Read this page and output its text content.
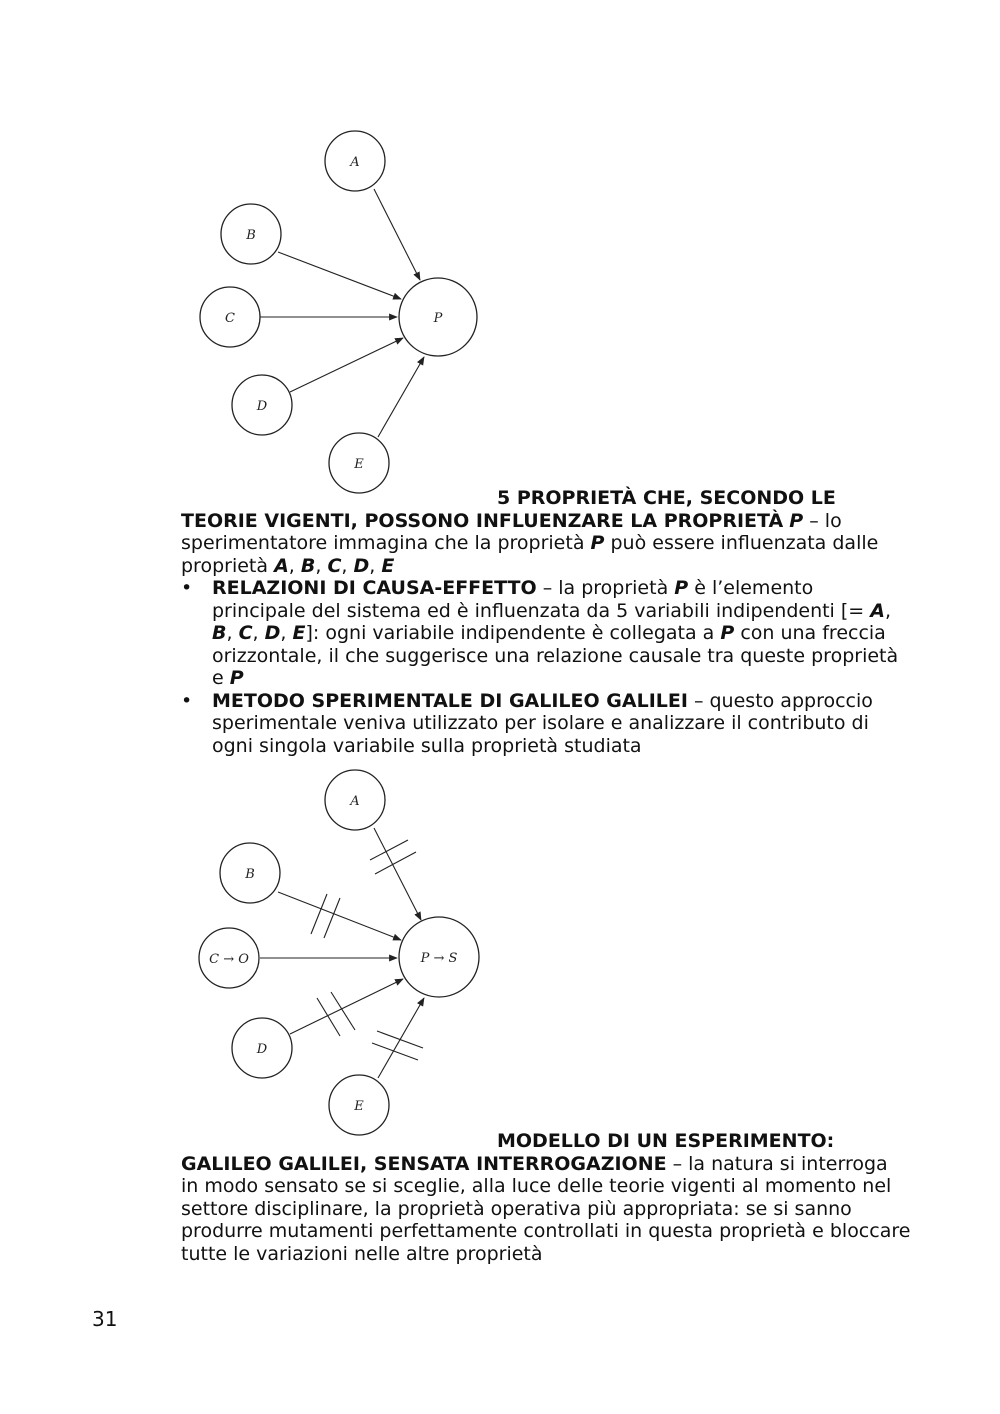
A
B
C
D
E
P
A
B
C → O
D
E
P → S

5 PROPRIETÀ CHE, SECONDO LE

TEORIE VIGENTI, POSSONO INFLUENZARE LA PROPRIETÀ P – lo sperimentatore immagina che la proprietà P può essere influenzata dalle proprietà A, B, C, D, E

• RELAZIONI DI CAUSA-EFFETTO – la proprietà P è l’elemento principale del sistema ed è influenzata da 5 variabili indipendenti [= A, B, C, D, E]: ogni variabile indipendente è collegata a P con una freccia orizzontale, il che suggerisce una relazione causale tra queste proprietà e P
• METODO SPERIMENTALE DI GALILEO GALILEI – questo approccio sperimentale veniva utilizzato per isolare e analizzare il contributo di ogni singola variabile sulla proprietà studiata

MODELLO DI UN ESPERIMENTO:

GALILEO GALILEI, SENSATA INTERROGAZIONE – la natura si interroga in modo sensato se si sceglie, alla luce delle teorie vigenti al momento nel settore disciplinare, la proprietà operativa più appropriata: se si sanno produrre mutamenti perfettamente controllati in questa proprietà e bloccare tutte le variazioni nelle altre proprietà

31
